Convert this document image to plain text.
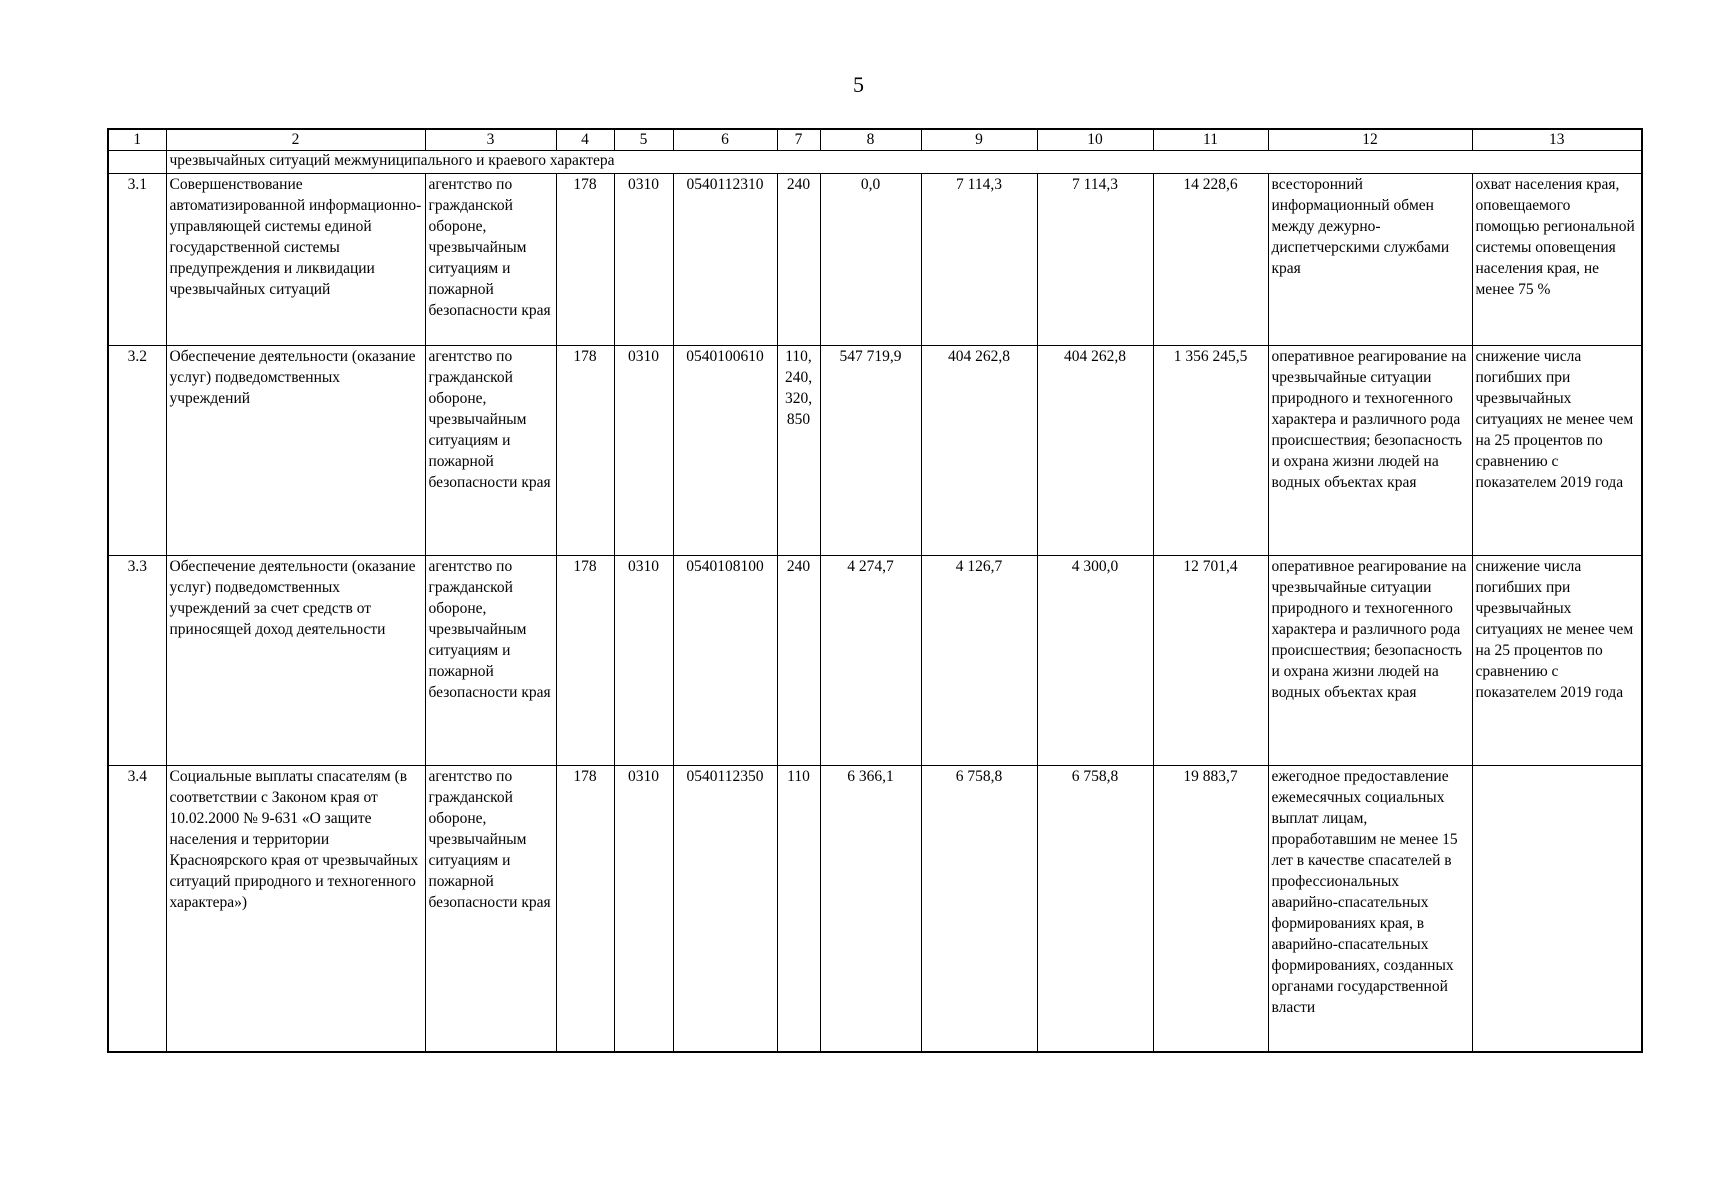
5
1	2	3	4	5	6	7	8	9	10	11	12	13
	чрезвычайных ситуаций межмуниципального и краевого характера											
3.1	Совершенствование автоматизированной информационно-управляющей системы единой государственной системы предупреждения и ликвидации чрезвычайных ситуаций	агентство по гражданской обороне, чрезвычайным ситуациям и пожарной безопасности края	178	0310	0540112310	240	0,0	7 114,3	7 114,3	14 228,6	всесторонний информационный обмен между дежурно-диспетчерскими службами края	охват населения края, оповещаемого помощью региональной системы оповещения населения края, не менее 75 %
3.2	Обеспечение деятельности (оказание услуг) подведомственных учреждений	агентство по гражданской обороне, чрезвычайным ситуациям и пожарной безопасности края	178	0310	0540100610	110, 240, 320, 850	547 719,9	404 262,8	404 262,8	1 356 245,5	оперативное реагирование на чрезвычайные ситуации природного и техногенного характера и различного рода происшествия; безопасность и охрана жизни людей на водных объектах края	снижение числа погибших при чрезвычайных ситуациях не менее чем на 25 процентов по сравнению с показателем 2019 года
3.3	Обеспечение деятельности (оказание услуг) подведомственных учреждений за счет средств от приносящей доход деятельности	агентство по гражданской обороне, чрезвычайным ситуациям и пожарной безопасности края	178	0310	0540108100	240	4 274,7	4 126,7	4 300,0	12 701,4	оперативное реагирование на чрезвычайные ситуации природного и техногенного характера и различного рода происшествия; безопасность и охрана жизни людей на водных объектах края	снижение числа погибших при чрезвычайных ситуациях не менее чем на 25 процентов по сравнению с показателем 2019 года
3.4	Социальные выплаты спасателям (в соответствии с Законом края от 10.02.2000 № 9-631 «О защите населения и территории Красноярского края от чрезвычайных ситуаций природного и техногенного характера»)	агентство по гражданской обороне, чрезвычайным ситуациям и пожарной безопасности края	178	0310	0540112350	110	6 366,1	6 758,8	6 758,8	19 883,7	ежегодное предоставление ежемесячных социальных выплат лицам, проработавшим не менее 15 лет в качестве спасателей в профессиональных аварийно-спасательных формированиях края, в аварийно-спасательных формированиях, созданных органами государственной власти	
